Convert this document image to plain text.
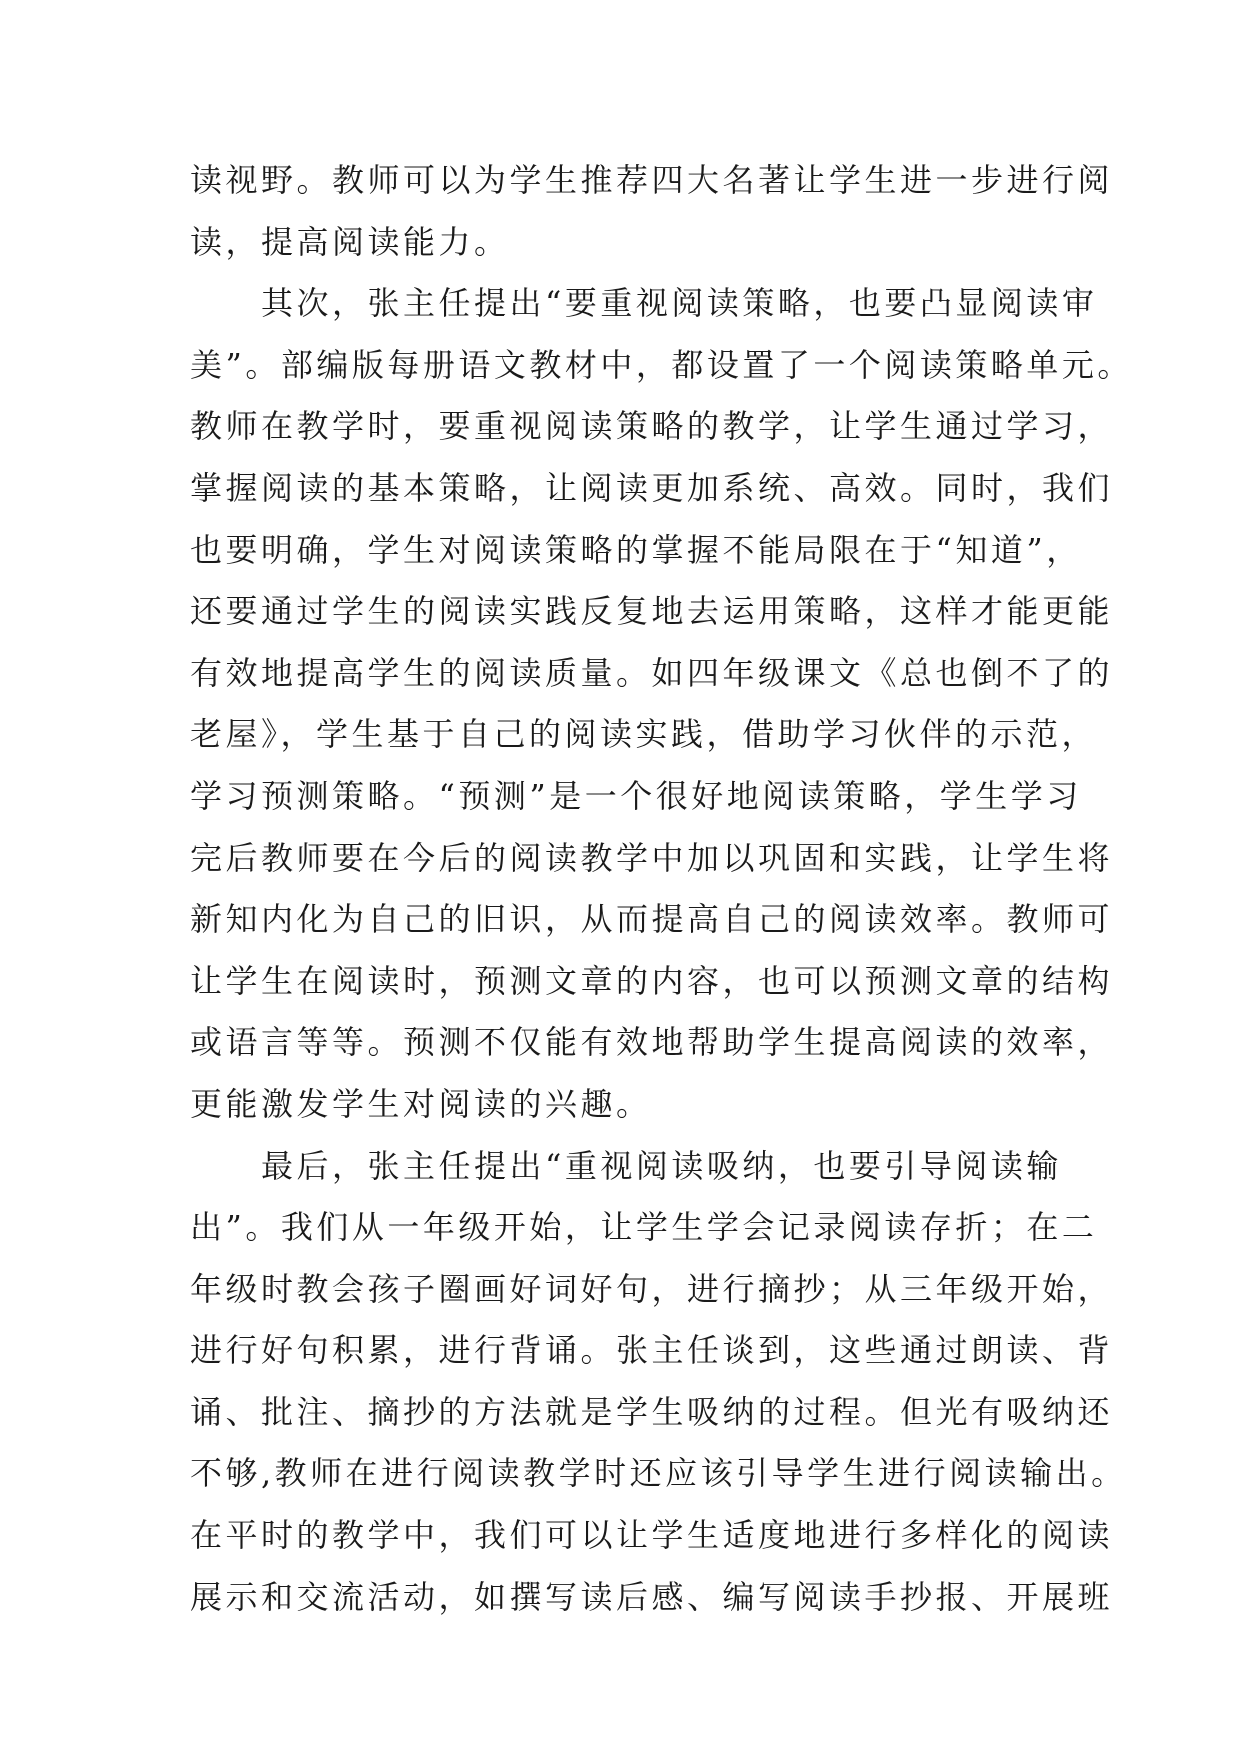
读视野。教师可以为学生推荐四大名著让学生进一步进行阅
读，提高阅读能力。
　　其次，张主任提出“要重视阅读策略，也要凸显阅读审
美”。部编版每册语文教材中，都设置了一个阅读策略单元。
教师在教学时，要重视阅读策略的教学，让学生通过学习，
掌握阅读的基本策略，让阅读更加系统、高效。同时，我们
也要明确，学生对阅读策略的掌握不能局限在于“知道”，
还要通过学生的阅读实践反复地去运用策略，这样才能更能
有效地提高学生的阅读质量。如四年级课文《总也倒不了的
老屋》，学生基于自己的阅读实践，借助学习伙伴的示范，
学习预测策略。“预测”是一个很好地阅读策略，学生学习
完后教师要在今后的阅读教学中加以巩固和实践，让学生将
新知内化为自己的旧识，从而提高自己的阅读效率。教师可
让学生在阅读时，预测文章的内容，也可以预测文章的结构
或语言等等。预测不仅能有效地帮助学生提高阅读的效率，
更能激发学生对阅读的兴趣。
　　最后，张主任提出“重视阅读吸纳，也要引导阅读输
出”。我们从一年级开始，让学生学会记录阅读存折；在二
年级时教会孩子圈画好词好句，进行摘抄；从三年级开始，
进行好句积累，进行背诵。张主任谈到，这些通过朗读、背
诵、批注、摘抄的方法就是学生吸纳的过程。但光有吸纳还
不够,教师在进行阅读教学时还应该引导学生进行阅读输出。
在平时的教学中，我们可以让学生适度地进行多样化的阅读
展示和交流活动，如撰写读后感、编写阅读手抄报、开展班
